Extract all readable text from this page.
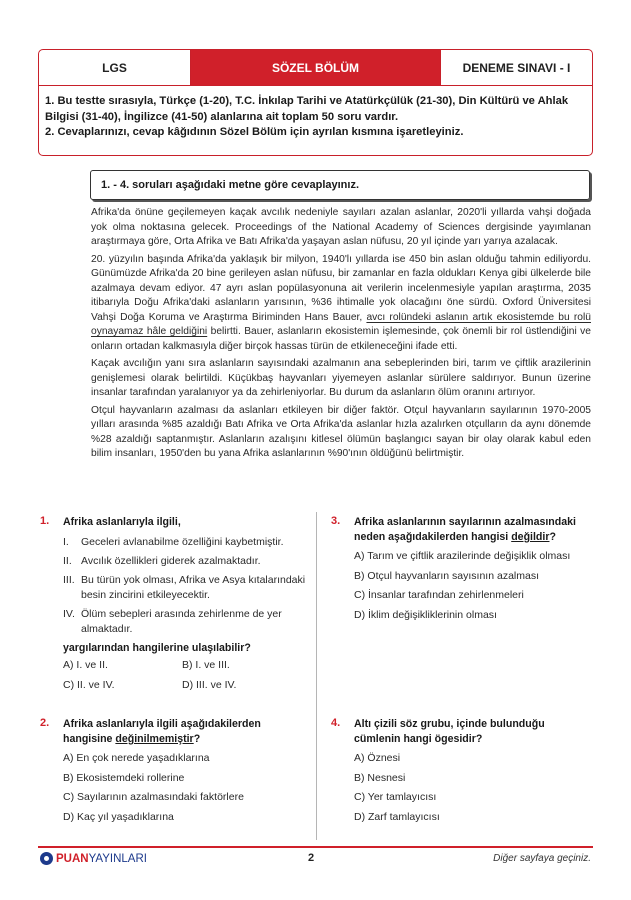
LGS	SÖZEL BÖLÜM	DENEME SINAVI - I
1. Bu testte sırasıyla, Türkçe (1-20), T.C. İnkılap Tarihi ve Atatürkçülük (21-30), Din Kültürü ve Ahlak Bilgisi (31-40), İngilizce (41-50) alanlarına ait toplam 50 soru vardır.
2. Cevaplarınızı, cevap kâğıdının Sözel Bölüm için ayrılan kısmına işaretleyiniz.
1. - 4. soruları aşağıdaki metne göre cevaplayınız.

Afrika'da önüne geçilemeyen kaçak avcılık nedeniyle sayıları azalan aslanlar, 2020'li yıllarda vahşi doğada yok olma noktasına gelecek. Proceedings of the National Academy of Sciences dergisinde yayımlanan araştırmaya göre, Orta Afrika ve Batı Afrika'da yaşayan aslan nüfusu, 20 yıl içinde yarı yarıya azalacak.

20. yüzyılın başında Afrika'da yaklaşık bir milyon, 1940'lı yıllarda ise 450 bin aslan olduğu tahmin ediliyordu. Günümüzde Afrika'da 20 bine gerileyen aslan nüfusu, bir zamanlar en fazla oldukları Kenya gibi ülkelerde bile azalmaya devam ediyor. 47 ayrı aslan popülasyonuna ait verilerin incelenmesiyle yapılan araştırma, 2035 itibarıyla Doğu Afrika'daki aslanların yarısının, %36 ihtimalle yok olacağını öne sürdü. Oxford Üniversitesi Vahşi Doğa Koruma ve Araştırma Biriminden Hans Bauer, avcı rolündeki aslanın artık ekosistemde bu rolü oynayamaz hâle geldiğini belirtti. Bauer, aslanların ekosistemin işlemesinde, çok önemli bir rol üstlendiğini ve onların ortadan kalkmasıyla diğer birçok hassas türün de etkileneceğini ifade etti.

Kaçak avcılığın yanı sıra aslanların sayısındaki azalmanın ana sebeplerinden biri, tarım ve çiftlik arazilerinin genişlemesi olarak belirtildi. Küçükbaş hayvanları yiyemeyen aslanlar sürülere saldırıyor. Bunun üzerine insanlar tarafından yaralanıyor ya da zehirleniyorlar. Bu durum da aslanların ölüm oranını artırıyor.

Otçul hayvanların azalması da aslanları etkileyen bir diğer faktör. Otçul hayvanların sayılarının 1970-2005 yılları arasında %85 azaldığı Batı Afrika ve Orta Afrika'da aslanlar hızla azalırken otçulların da aynı dönemde %28 azaldığı saptanmıştır. Aslanların azalışını kitlesel ölümün başlangıcı sayan bir olay olarak kabul eden bilim insanları, 1950'den bu yana Afrika aslanlarının %90'ının öldüğünü belirtmiştir.

1. Afrika aslanlarıyla ilgili,
I.	Geceleri avlanabilme özelliğini kaybetmiştir.
II. Avcılık özellikleri giderek azalmaktadır.
III. Bu türün yok olması, Afrika ve Asya kıtalarındaki besin zincirini etkileyecektir.
IV. Ölüm sebepleri arasında zehirlenme de yer almaktadır.
yargılarından hangilerine ulaşılabilir?
A) I. ve II.	B) I. ve III.
C) II. ve IV.	D) III. ve IV.
2. Afrika aslanlarıyla ilgili aşağıdakilerden hangisine değinilmemiştir?
A) En çok nerede yaşadıklarına
B) Ekosistemdeki rollerine
C) Sayılarının azalmasındaki faktörlere
D) Kaç yıl yaşadıklarına
3. Afrika aslanlarının sayılarının azalmasındaki neden aşağıdakilerden hangisi değildir?
A) Tarım ve çiftlik arazilerinde değişiklik olması
B) Otçul hayvanların sayısının azalması
C) İnsanlar tarafından zehirlenmeleri
D) İklim değişikliklerinin olması
4. Altı çizili söz grubu, içinde bulunduğu cümlenin hangi ögesidir?
A) Öznesi
B) Nesnesi
C) Yer tamlayıcısı
D) Zarf tamlayıcısı
PUAN YAYINLARI	2	Diğer sayfaya geçiniz.
